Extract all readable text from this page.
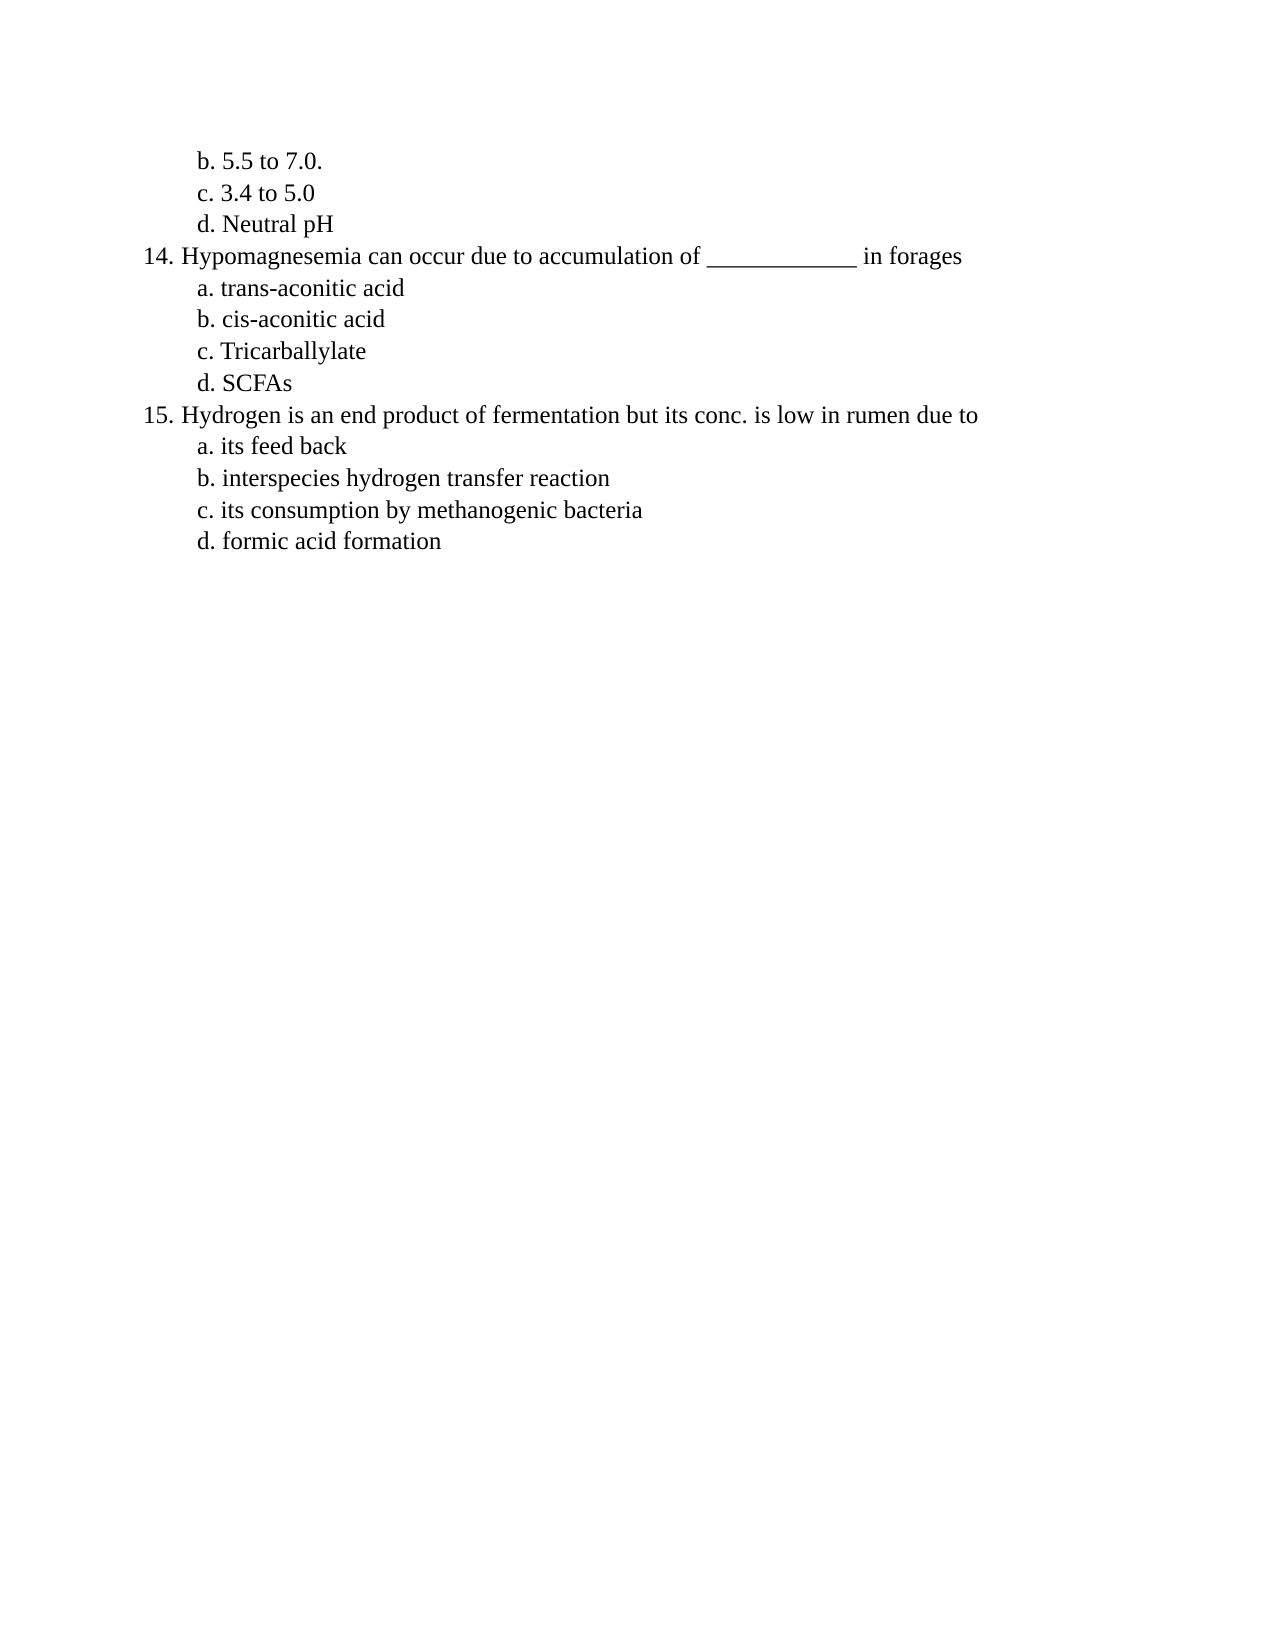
b. 5.5 to 7.0.
c. 3.4 to 5.0
d. Neutral pH
14. Hypomagnesemia can occur due to accumulation of ____________ in forages
a. trans-aconitic acid
b. cis-aconitic acid
c. Tricarballylate
d. SCFAs
15. Hydrogen is an end product of fermentation but its conc. is low in rumen due to
a. its feed back
b. interspecies hydrogen transfer reaction
c. its consumption by methanogenic bacteria
d. formic acid formation
